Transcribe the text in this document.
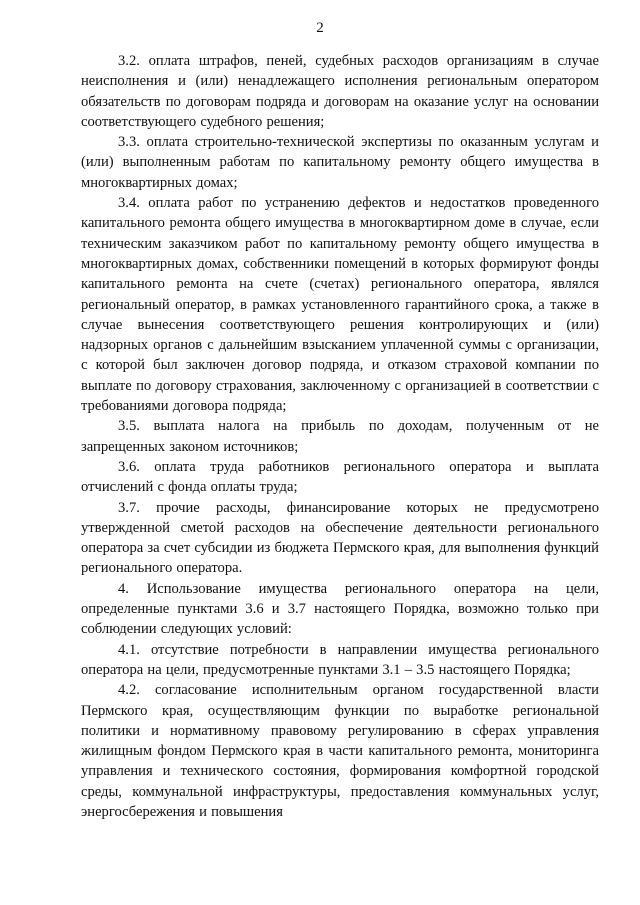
2

3.2. оплата штрафов, пеней, судебных расходов организациям в случае неисполнения и (или) ненадлежащего исполнения региональным оператором обязательств по договорам подряда и договорам на оказание услуг на основании соответствующего судебного решения;

3.3. оплата строительно-технической экспертизы по оказанным услугам и (или) выполненным работам по капитальному ремонту общего имущества в многоквартирных домах;

3.4. оплата работ по устранению дефектов и недостатков проведенного капитального ремонта общего имущества в многоквартирном доме в случае, если техническим заказчиком работ по капитальному ремонту общего имущества в многоквартирных домах, собственники помещений в которых формируют фонды капитального ремонта на счете (счетах) регионального оператора, являлся региональный оператор, в рамках установленного гарантийного срока, а также в случае вынесения соответствующего решения контролирующих и (или) надзорных органов с дальнейшим взысканием уплаченной суммы с организации, с которой был заключен договор подряда, и отказом страховой компании по выплате по договору страхования, заключенному с организацией в соответствии с требованиями договора подряда;

3.5. выплата налога на прибыль по доходам, полученным от не запрещенных законом источников;

3.6. оплата труда работников регионального оператора и выплата отчислений с фонда оплаты труда;

3.7. прочие расходы, финансирование которых не предусмотрено утвержденной сметой расходов на обеспечение деятельности регионального оператора за счет субсидии из бюджета Пермского края, для выполнения функций регионального оператора.

4. Использование имущества регионального оператора на цели, определенные пунктами 3.6 и 3.7 настоящего Порядка, возможно только при соблюдении следующих условий:

4.1. отсутствие потребности в направлении имущества регионального оператора на цели, предусмотренные пунктами 3.1 – 3.5 настоящего Порядка;

4.2. согласование исполнительным органом государственной власти Пермского края, осуществляющим функции по выработке региональной политики и нормативному правовому регулированию в сферах управления жилищным фондом Пермского края в части капитального ремонта, мониторинга управления и технического состояния, формирования комфортной городской среды, коммунальной инфраструктуры, предоставления коммунальных услуг, энергосбережения и повышения
